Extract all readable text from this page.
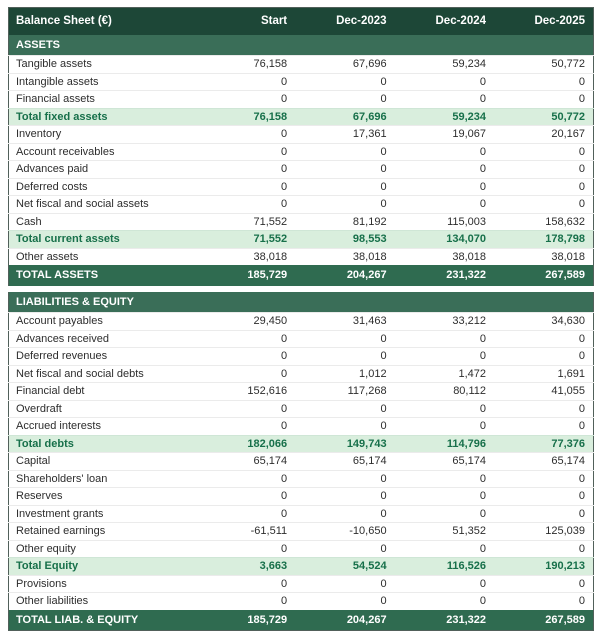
Balance Sheet (€)	Start	Dec-2023	Dec-2024	Dec-2025
ASSETS				
Tangible assets	76,158	67,696	59,234	50,772
Intangible assets	0	0	0	0
Financial assets	0	0	0	0
Total fixed assets	76,158	67,696	59,234	50,772
Inventory	0	17,361	19,067	20,167
Account receivables	0	0	0	0
Advances paid	0	0	0	0
Deferred costs	0	0	0	0
Net fiscal and social assets	0	0	0	0
Cash	71,552	81,192	115,003	158,632
Total current assets	71,552	98,553	134,070	178,798
Other assets	38,018	38,018	38,018	38,018
TOTAL ASSETS	185,729	204,267	231,322	267,589

LIABILITIES & EQUITY				
Account payables	29,450	31,463	33,212	34,630
Advances received	0	0	0	0
Deferred revenues	0	0	0	0
Net fiscal and social debts	0	1,012	1,472	1,691
Financial debt	152,616	117,268	80,112	41,055
Overdraft	0	0	0	0
Accrued interests	0	0	0	0
Total debts	182,066	149,743	114,796	77,376
Capital	65,174	65,174	65,174	65,174
Shareholders' loan	0	0	0	0
Reserves	0	0	0	0
Investment grants	0	0	0	0
Retained earnings	-61,511	-10,650	51,352	125,039
Other equity	0	0	0	0
Total Equity	3,663	54,524	116,526	190,213
Provisions	0	0	0	0
Other liabilities	0	0	0	0
TOTAL LIAB. & EQUITY	185,729	204,267	231,322	267,589
